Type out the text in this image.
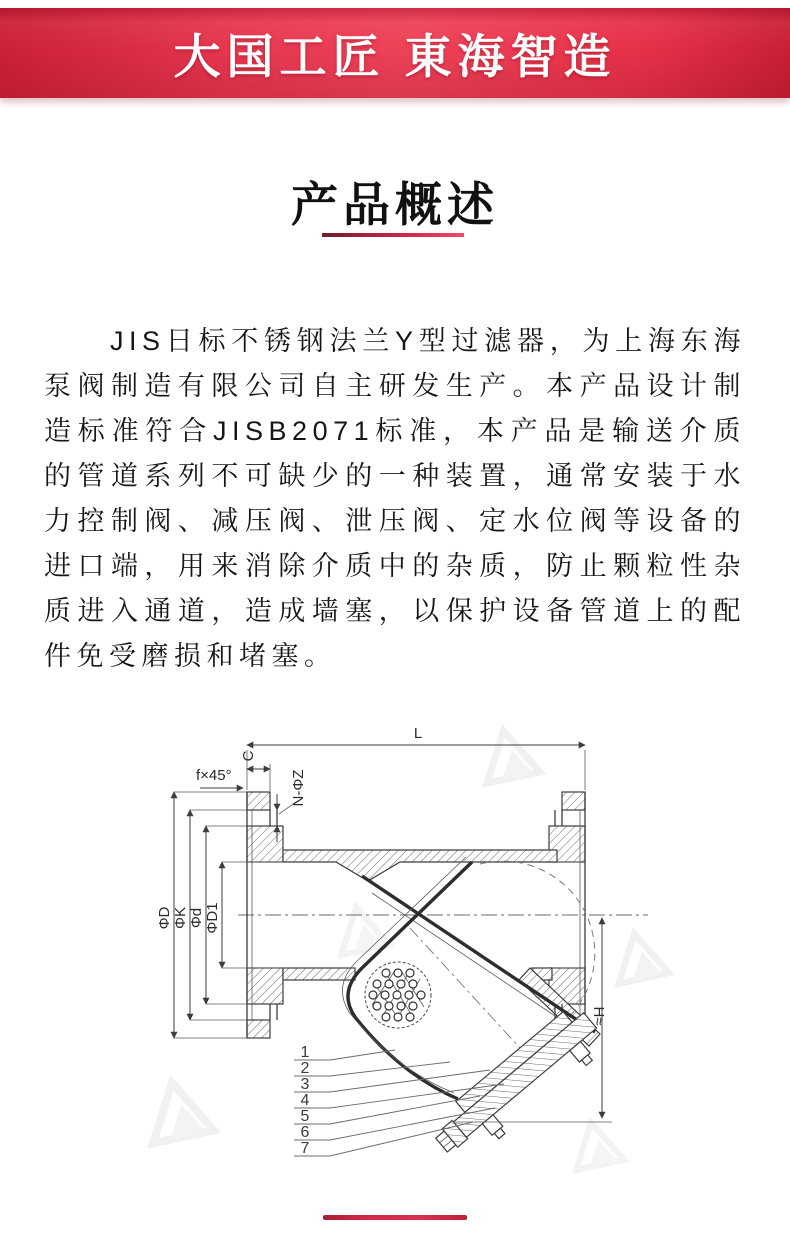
大国工匠 東海智造
产品概述

JIS日标不锈钢法兰Y型过滤器，为上海东海泵阀制造有限公司自主研发生产。本产品设计制造标准符合JISB2071标准，本产品是输送介质的管道系列不可缺少的一种装置，通常安装于水力控制阀、减压阀、泄压阀、定水位阀等设备的进口端，用来消除介质中的杂质，防止颗粒性杂质进入通道，造成墙塞，以保护设备管道上的配件免受磨损和堵塞。

L
C
f×45°	N-ΦZ
ΦD ΦK Φd ΦD1
H≈
1
2
3
4
5
6
7
